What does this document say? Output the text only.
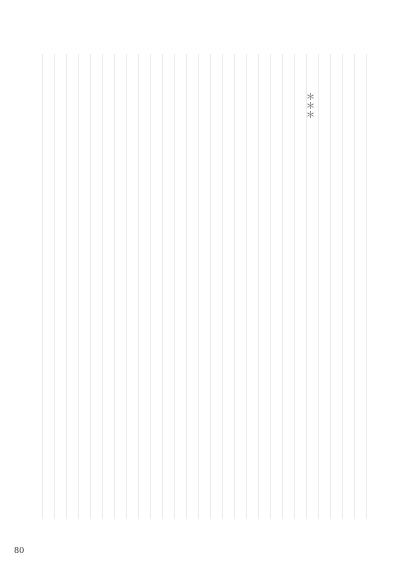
＊＊＊
80
